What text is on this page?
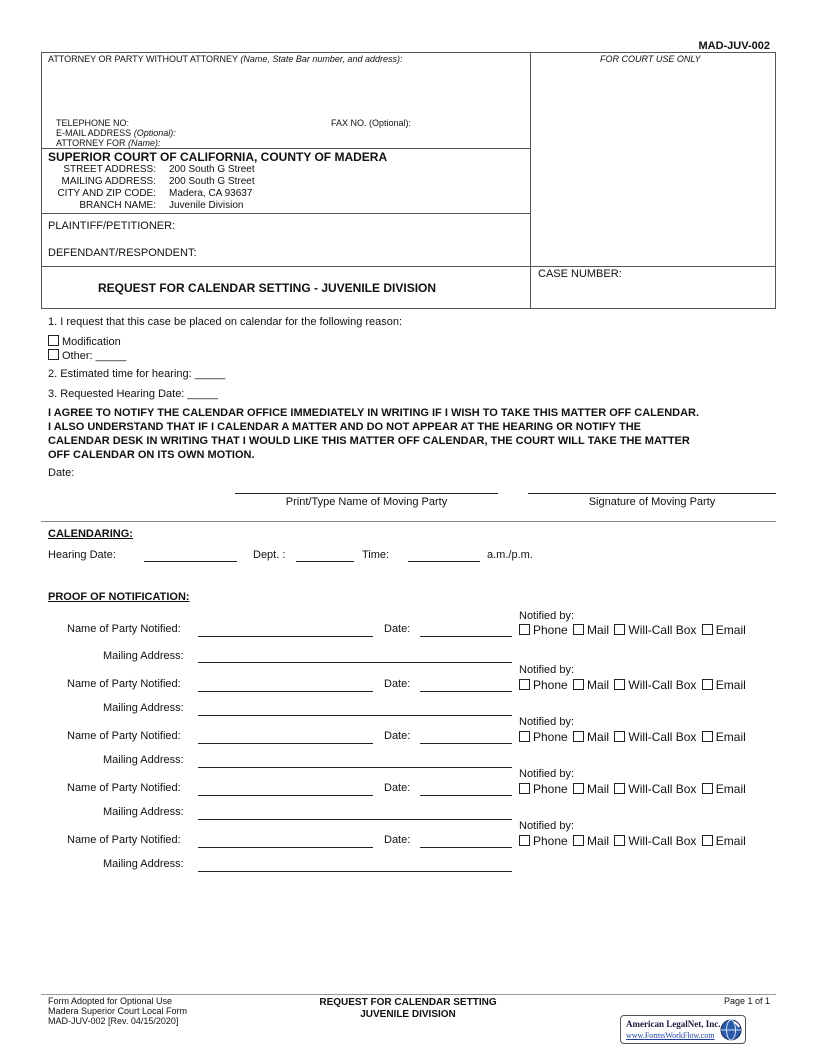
MAD-JUV-002
ATTORNEY OR PARTY WITHOUT ATTORNEY (Name, State Bar number, and address):	FOR COURT USE ONLY
TELEPHONE NO:	FAX NO. (Optional):
E-MAIL ADDRESS (Optional):
ATTORNEY FOR (Name):
SUPERIOR COURT OF CALIFORNIA, COUNTY OF MADERA
STREET ADDRESS: 200 South G Street
MAILING ADDRESS: 200 South G Street
CITY AND ZIP CODE: Madera, CA 93637
BRANCH NAME: Juvenile Division
PLAINTIFF/PETITIONER:
DEFENDANT/RESPONDENT:
REQUEST FOR CALENDAR SETTING - JUVENILE DIVISION
CASE NUMBER:
1. I request that this case be placed on calendar for the following reason:
Modification
Other: _____
2. Estimated time for hearing: _____
3. Requested Hearing Date: _____
I AGREE TO NOTIFY THE CALENDAR OFFICE IMMEDIATELY IN WRITING IF I WISH TO TAKE THIS MATTER OFF CALENDAR.
I ALSO UNDERSTAND THAT IF I CALENDAR A MATTER AND DO NOT APPEAR AT THE HEARING OR NOTIFY THE
CALENDAR DESK IN WRITING THAT I WOULD LIKE THIS MATTER OFF CALENDAR, THE COURT WILL TAKE THE MATTER
OFF CALENDAR ON ITS OWN MOTION.
Date:
Print/Type Name of Moving Party	Signature of Moving Party
CALENDARING:
Hearing Date:	Dept. :	Time:	a.m./p.m.
PROOF OF NOTIFICATION:
Notified by:
Name of Party Notified:	Date:	Phone Mail Will-Call Box Email
Mailing Address:
Notified by:
Name of Party Notified:	Date:	Phone Mail Will-Call Box Email
Mailing Address:
Notified by:
Name of Party Notified:	Date:	Phone Mail Will-Call Box Email
Mailing Address:
Notified by:
Name of Party Notified:	Date:	Phone Mail Will-Call Box Email
Mailing Address:
Notified by:
Name of Party Notified:	Date:	Phone Mail Will-Call Box Email
Mailing Address:
Form Adopted for Optional Use
Madera Superior Court Local Form
MAD-JUV-002 [Rev. 04/15/2020]
REQUEST FOR CALENDAR SETTING
JUVENILE DIVISION
Page 1 of 1
American LegalNet, Inc.
www.FormsWorkFlow.com
